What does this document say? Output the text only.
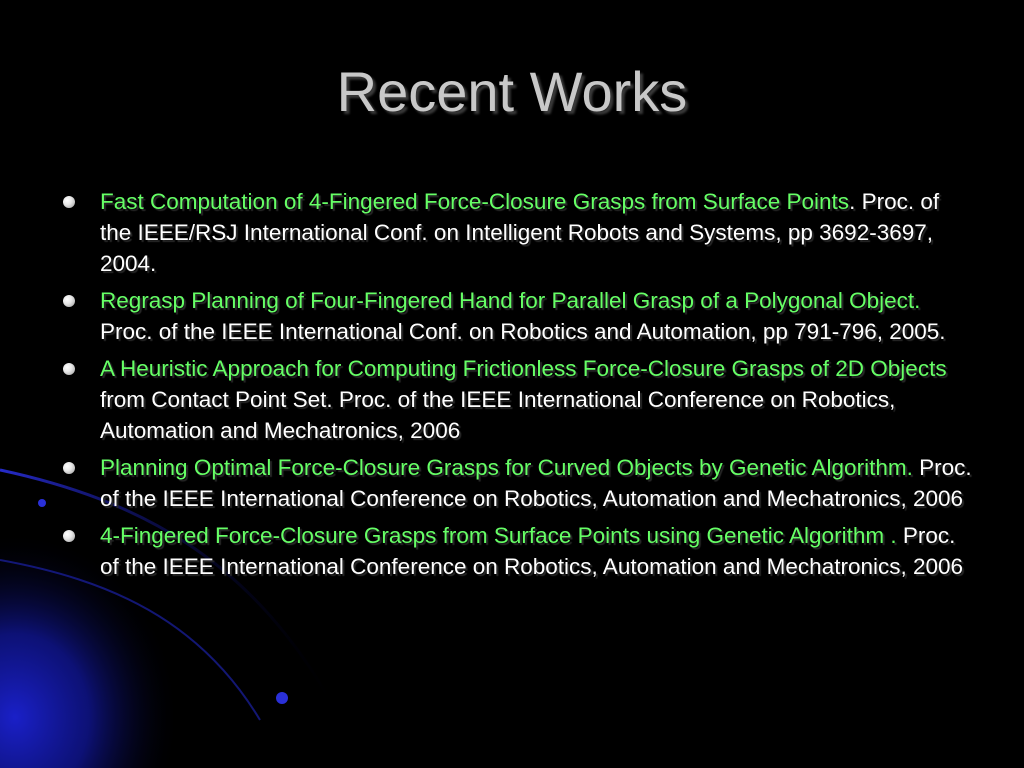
Recent Works
Fast Computation of 4-Fingered Force-Closure Grasps from Surface Points. Proc. of the IEEE/RSJ International Conf. on Intelligent Robots and Systems, pp 3692-3697, 2004.
Regrasp Planning of Four-Fingered Hand for Parallel Grasp of a Polygonal Object. Proc. of the IEEE International Conf. on Robotics and Automation, pp 791-796, 2005.
A Heuristic Approach for Computing Frictionless Force-Closure Grasps of 2D Objects from Contact Point Set. Proc. of the IEEE International Conference on Robotics, Automation and Mechatronics, 2006
Planning Optimal Force-Closure Grasps for Curved Objects by Genetic Algorithm. Proc. of the IEEE International Conference on Robotics, Automation and Mechatronics, 2006
4-Fingered Force-Closure Grasps from Surface Points using Genetic Algorithm . Proc. of the IEEE International Conference on Robotics, Automation and Mechatronics, 2006
